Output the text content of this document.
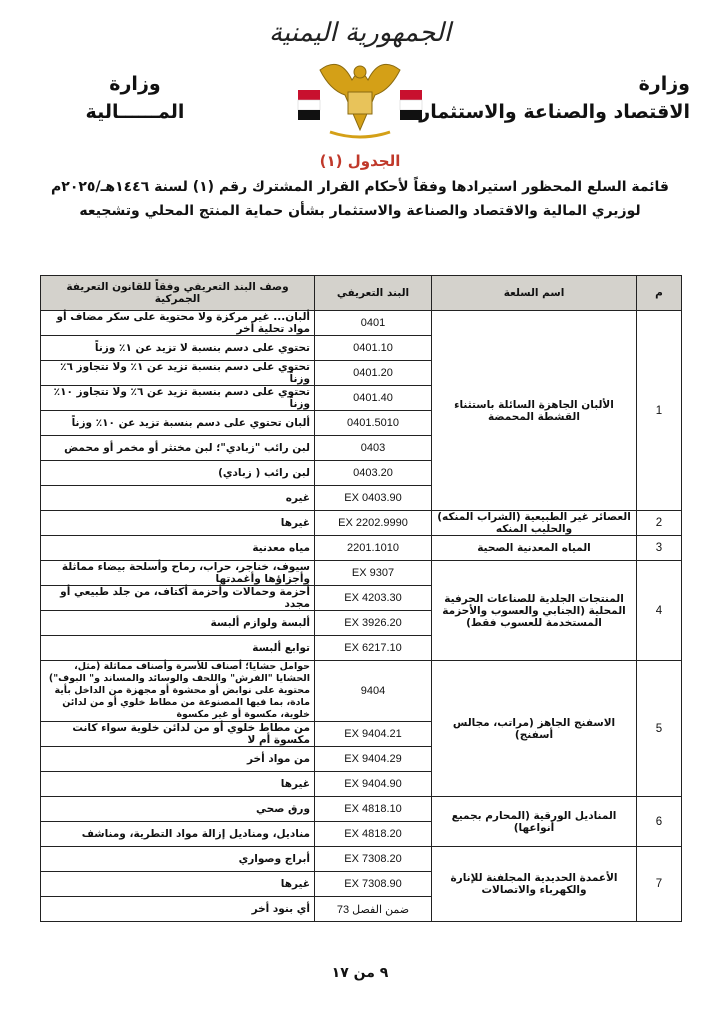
الجمهورية اليمنية
وزارة
الاقتصاد والصناعة والاستثمار
وزارة
المــــــالية
الجدول (١)
قائمة السلع المحظور استيرادها وفقاً لأحكام القرار المشترك رقم (١) لسنة ١٤٤٦هـ/٢٠٢٥م لوزيري المالية والاقتصاد والصناعة والاستثمار بشأن حماية المنتج المحلي وتشجيعه
م	اسم السلعة	البند التعريفي	وصف البند التعريفي وفقاً للقانون التعريفة الجمركية
1	الألبان الجاهزة السائلة باستثناء القشطة المحمضة	0401	ألبان... غير مركزة ولا محتوية على سكر مضاف أو مواد تحلية أخر
		0401.10	تحتوي على دسم بنسبة لا تزيد عن ١٪ وزناً
		0401.20	تحتوي على دسم بنسبة تزيد عن ١٪ ولا تتجاوز ٦٪ وزناً
		0401.40	تحتوي على دسم بنسبة تزيد عن ٦٪ ولا تتجاوز ١٠٪ وزناً
		0401.5010	ألبان تحتوي على دسم بنسبة تزيد عن ١٠٪ وزناً
		0403	لبن رائب "زبادي"؛ لبن مختثر أو مخمر أو محمض
		0403.20	لبن رائب ( زبادي)
		EX 0403.90	غيره
2	العصائر غير الطبيعية (الشراب المنكه) والحليب المنكه	EX 2202.9990	غيرها
3	المياه المعدنية الصحية	2201.1010	مياه معدنية
4	المنتجات الجلدية للصناعات الحرفية المحلية (الجنابي والعسوب والأحزمة المستخدمة للعسوب فقط)	EX 9307	سيوف، خناجر، حراب، رماح وأسلحة بيضاء مماثلة وأجزاؤها وأغمدتها
		EX 4203.30	أحزمة وحمالات وأحزمة أكتاف، من جلد طبيعي أو مجدد
		EX 3926.20	ألبسة ولوازم ألبسة
		EX 6217.10	توابع ألبسة
5	الاسفنج الجاهز (مراتب، مجالس أسفنج)	9404	حوامل حشايا؛ أصناف للأسرة وأصناف مماثلة (مثل، الحشايا "الفرش" واللحف والوسائد والمساند و" البوف") محتوية على نوابض أو محشوة أو مجهزة من الداخل بأية مادة، بما فيها المصنوعة من مطاط خلوي أو من لدائن خلوية، مكسوة أو غير مكسوة
		EX 9404.21	من مطاط خلوي أو من لدائن خلوية سواء كانت مكسوة أم لا
		EX 9404.29	من مواد أخر
		EX 9404.90	غيرها
6	المناديل الورقية (المحارم بجميع أنواعها)	EX 4818.10	ورق صحي
		EX 4818.20	مناديل، ومناديل إزالة مواد التطرية، ومناشف
7	الأعمدة الحديدية المجلفنة للإنارة والكهرباء والاتصالات	EX 7308.20	أبراج وصواري
		EX 7308.90	غيرها
		ضمن الفصل 73	أي بنود أخر
٩ من ١٧
